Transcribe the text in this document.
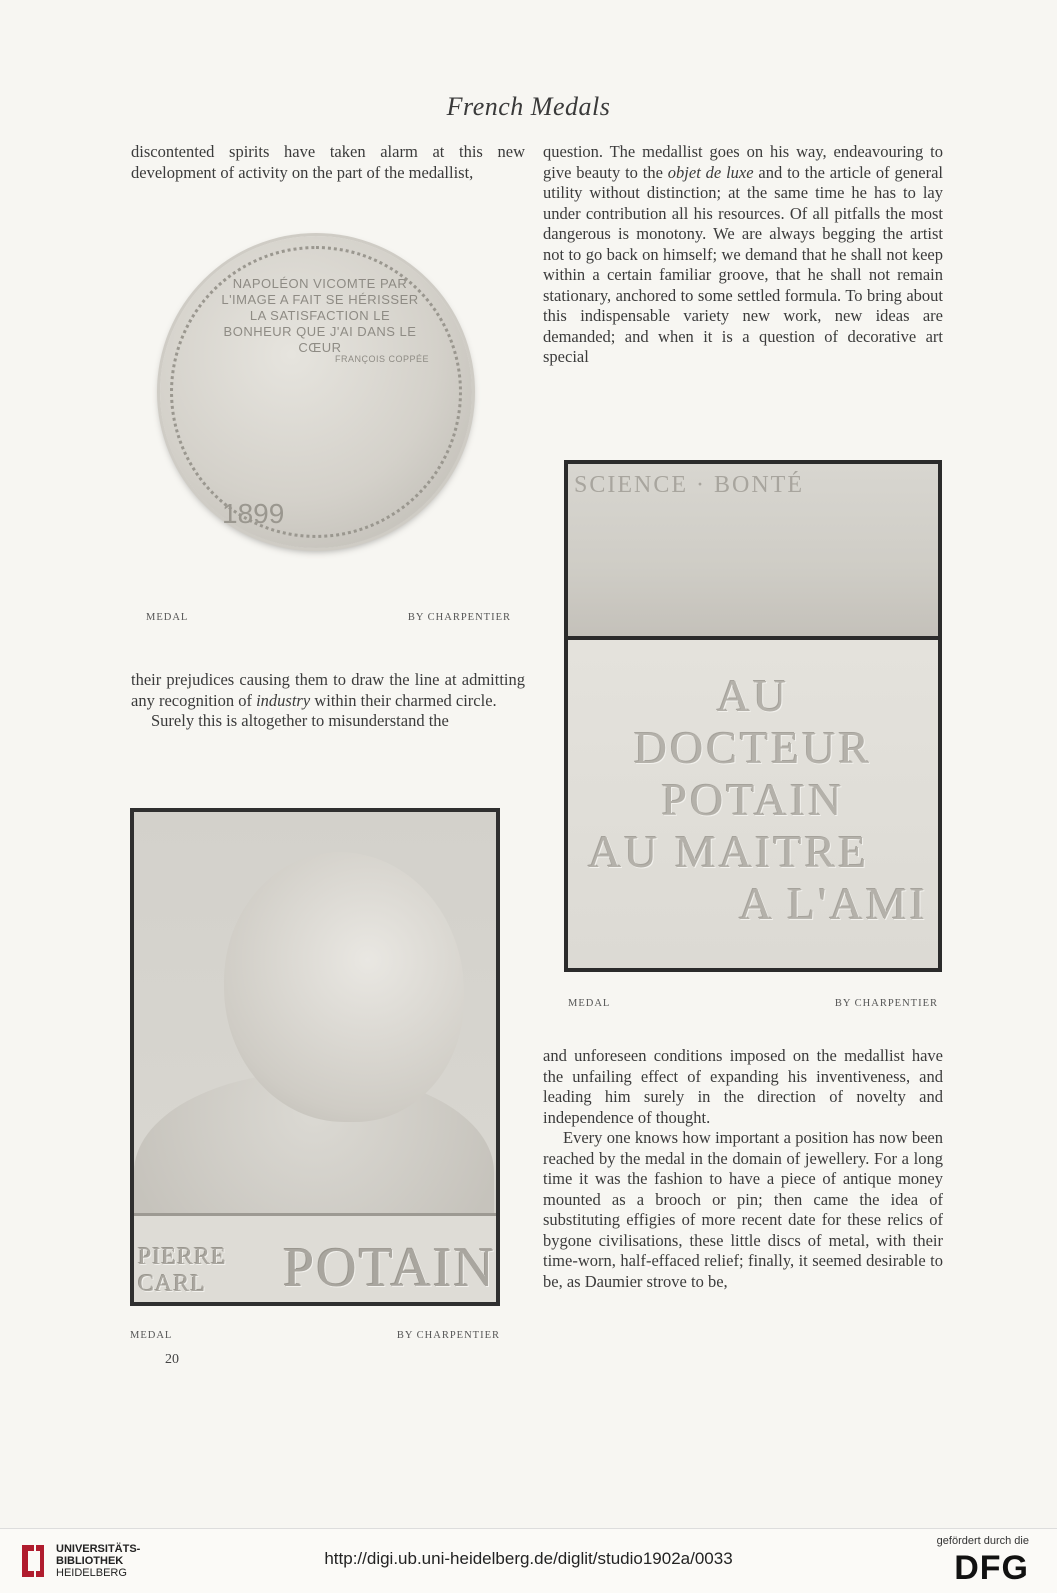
French Medals

discontented spirits have taken alarm at this new development of activity on the part of the medallist,

NAPOLÉON VICOMTE PAR L'IMAGE A FAIT SE HÉRISSER LA SATISFACTION LE BONHEUR QUE J'AI DANS LE CŒUR
FRANÇOIS COPPÉE
1899
MEDAL	BY CHARPENTIER

their prejudices causing them to draw the line at admitting any recognition of industry within their charmed circle.

Surely this is altogether to misunderstand the

question. The medallist goes on his way, endeavouring to give beauty to the objet de luxe and to the article of general utility without distinction; at the same time he has to lay under contribution all his resources. Of all pitfalls the most dangerous is monotony. We are always begging the artist not to go back on himself; we demand that he shall not keep within a certain familiar groove, that he shall not remain stationary, anchored to some settled formula. To bring about this indispensable variety new work, new ideas are demanded; and when it is a question of decorative art special

SCIENCE · BONTÉ
AU
DOCTEUR
POTAIN
AU MAITRE
A L'AMI
MEDAL	BY CHARPENTIER

and unforeseen conditions imposed on the medallist have the unfailing effect of expanding his inventiveness, and leading him surely in the direction of novelty and independence of thought.

Every one knows how important a position has now been reached by the medal in the domain of jewellery. For a long time it was the fashion to have a piece of antique money mounted as a brooch or pin; then came the idea of substituting effigies of more recent date for these relics of bygone civilisations, these little discs of metal, with their time-worn, half-effaced relief; finally, it seemed desirable to be, as Daumier strove to be,

PIERRE CARL	POTAIN
MEDAL	BY CHARPENTIER
20
UNIVERSITÄTS-
BIBLIOTHEK
HEIDELBERG
http://digi.ub.uni-heidelberg.de/diglit/studio1902a/0033
gefördert durch die
DFG
